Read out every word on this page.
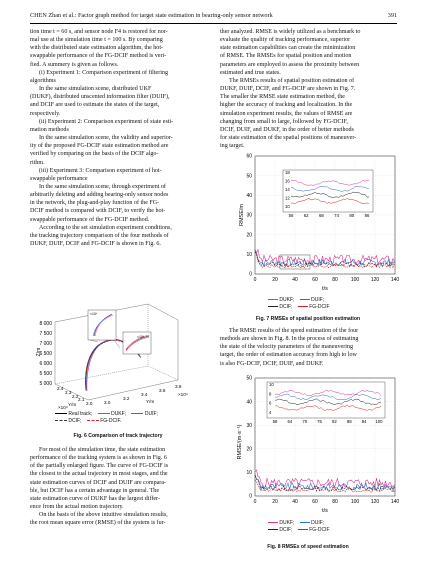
CHEN Zhan et al.: Factor graph method for target state estimation in bearing-only sensor network	391

tion time t = 60 s, and sensor node F4 is restored for nor-

mal use at the simulation time t = 100 s. By comparing

with the distributed state estimation algorithm, the hot-

swappable performance of the FG-DCIF method is veri-

fied. A summery is given as follows.

(i) Experiment 1: Comparison experiment of filtering

algorithms

In the same simulation scene, distributed UKF

(DUKF), distributed unscented information filter (DUIF),

and DCIF are used to estimate the states of the target,

respectively.

(ii) Experiment 2: Comparison experiment of state esti-

mation methods

In the same simulation scene, the validity and superior-

ity of the proposed FG-DCIF state estimation method are

verified by comparing on the basis of the DCIF algo-

rithm.

(iii) Experiment 3: Comparison experiment of hot-

swappable performance

In the same simulation scene, through experiment of

arbitrarily deleting and adding bearing-only sensor nodes

in the network, the plug-and-play function of the FG-

DCIF method is compared with DCIF, to verify the hot-

swappable performance of the FG-DCIF method.

According to the set simulation experiment conditions,

the tracking trajectory comparison of the four methods of

DUKF, DUIF, DCIF and FG-DCIF is shown in Fig. 6.

8 000
7 500
7 000
6 500
6 000
5 500
5 000
Z/m
×10⁴
×10⁴
2.4
2.3
2.2
2.1
2.0	3.0
3.2
3.4
3.6
3.8
Y/m
Y/m
×10⁴
×10⁴
Real track;	DUKF;	DUIF;
DCIF;	FG-DCIF.
Fig. 6 Comparison of track trajectory

For most of the simulation time, the state estimation

performance of the tracking system is as shown in Fig. 6

of the partially enlarged figure. The curve of FG-DCIF is

the closest to the actual trajectory in most stages, and the

state estimation curves of DCIF and DUIF are compara-

ble, but DCIF has a certain advantage in general. The

state estimation curve of DUKF has the largest differ-

ence from the actual motion trajectory.

On the basis of the above intuitive simulation results,

the root mean square error (RMSE) of the system is fur-

ther analyzed. RMSE is widely utilized as a benchmark to

evaluate the quality of tracking performance, superior

state estimation capabilities can create the minimization

of RMSE. The RMSEs for spatial position and motion

parameters are employed to assess the proximity between

estimated and true states.

The RMSEs results of spatial position estimation of

DUKF, DUIF, DCIF, and FG-DCIF are shown in Fig. 7.

The smaller the RMSE state estimation method, the

higher the accuracy of tracking and localization. In the

simulation experiment results, the values of RMSE are

changing from small to large, followed by FG-DCIF,

DCIF, DUIF, and DUKF, in the order of better methods

for state estimation of the spatial positions of maneuver-

ing target.

60
50
40
30
20
10
0
0	20	40	60	80	100 120 140
RMSE/m
t/s
18
16
14
12
10
56 62 68 74 80 86
DUKF;	DUIF;
DCIF;	FG-DCIF
Fig. 7 RMSEs of spatial position estimation

The RMSE results of the speed estimation of the four

methods are shown in Fig. 8. In the process of estimating

the state of the velocity parameters of the maneuvering

target, the order of estimation accuracy from high to low

is also FG-DCIF, DCIF, DUIF, and DUKF.

50
40
30
20
10
0
0	20	40	60	80	100 120 140
RMSE/(m·s⁻¹)
t/s
10
8
6
4
58 64 70 76 82 88 94 100
DUKF;	DUIF;
DCIF;	FG-DCIF
Fig. 8 RMSEs of speed estimation
